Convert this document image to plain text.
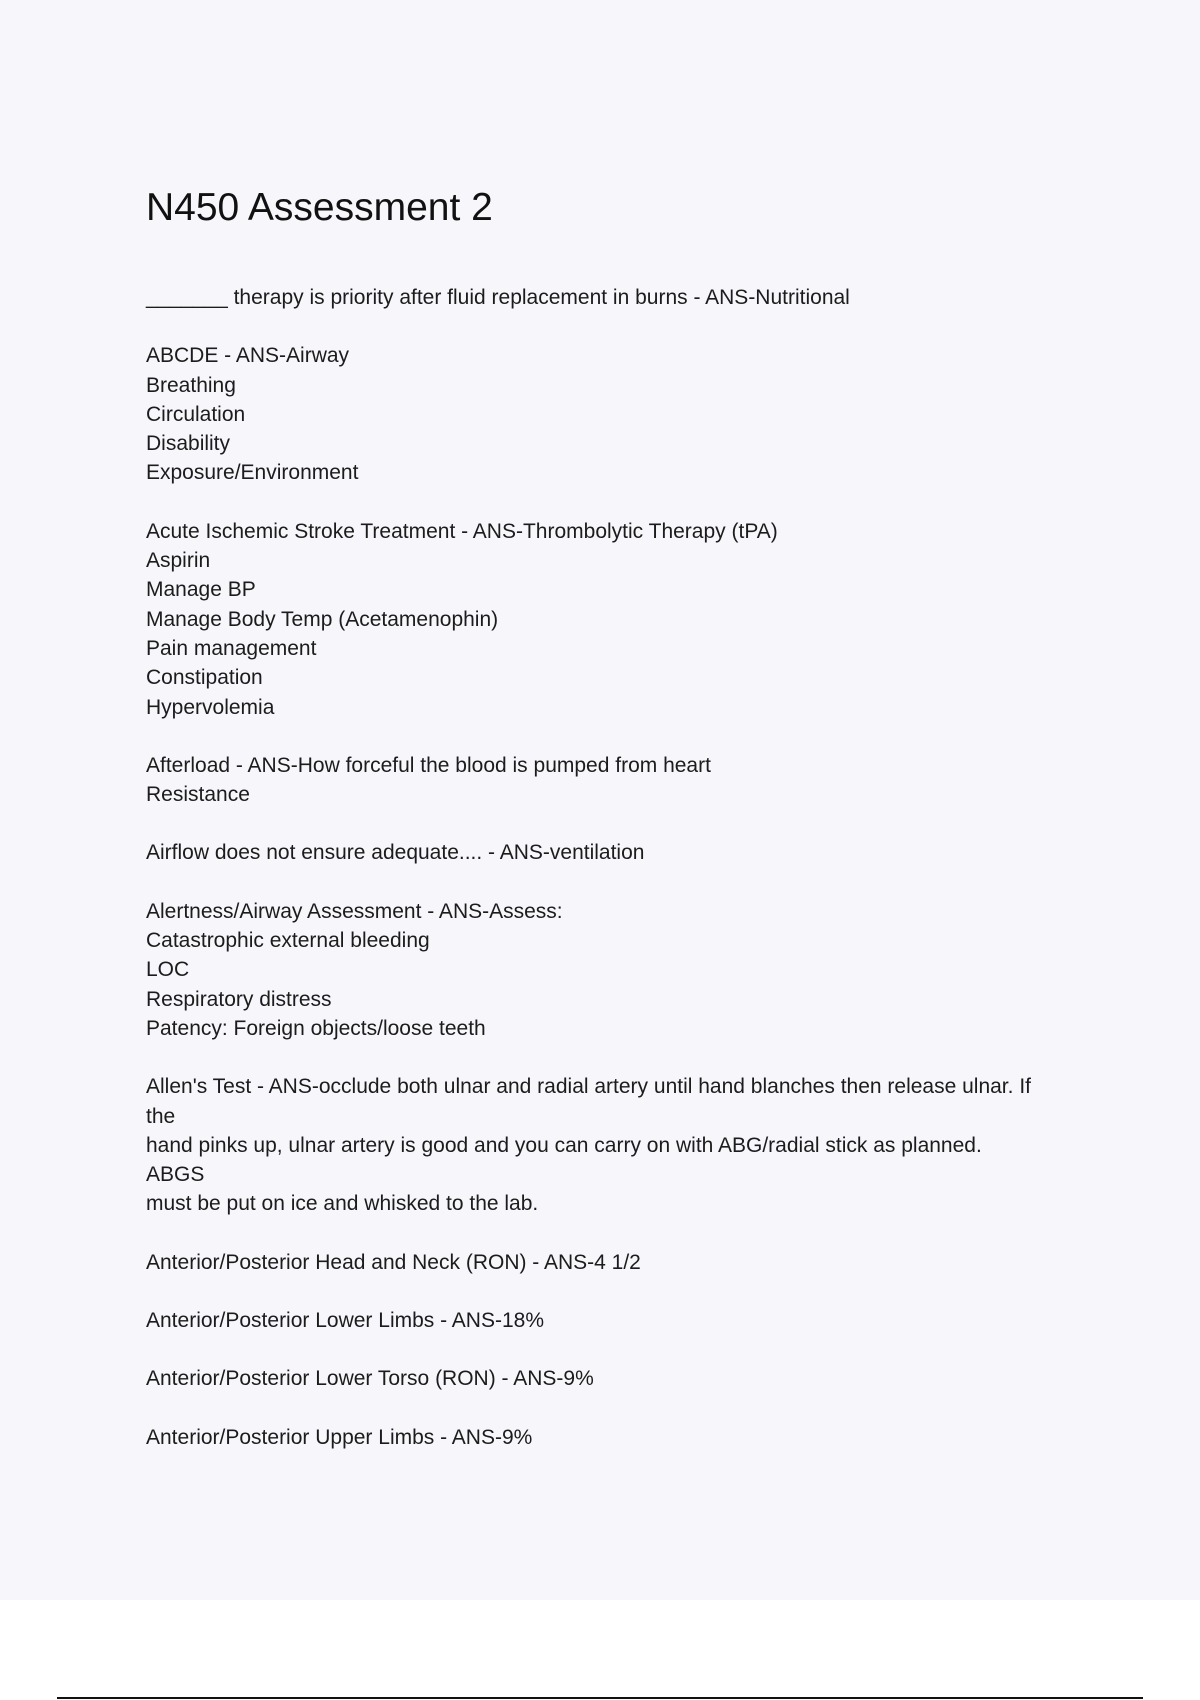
N450 Assessment 2
_______ therapy is priority after fluid replacement in burns - ANS-Nutritional
ABCDE - ANS-Airway
Breathing
Circulation
Disability
Exposure/Environment
Acute Ischemic Stroke Treatment - ANS-Thrombolytic Therapy (tPA)
Aspirin
Manage BP
Manage Body Temp (Acetamenophin)
Pain management
Constipation
Hypervolemia
Afterload - ANS-How forceful the blood is pumped from heart
Resistance
Airflow does not ensure adequate.... - ANS-ventilation
Alertness/Airway Assessment - ANS-Assess:
Catastrophic external bleeding
LOC
Respiratory distress
Patency: Foreign objects/loose teeth
Allen's Test - ANS-occlude both ulnar and radial artery until hand blanches then release ulnar. If
the
hand pinks up, ulnar artery is good and you can carry on with ABG/radial stick as planned.
ABGS
must be put on ice and whisked to the lab.
Anterior/Posterior Head and Neck (RON) - ANS-4 1/2
Anterior/Posterior Lower Limbs - ANS-18%
Anterior/Posterior Lower Torso (RON) - ANS-9%
Anterior/Posterior Upper Limbs - ANS-9%
